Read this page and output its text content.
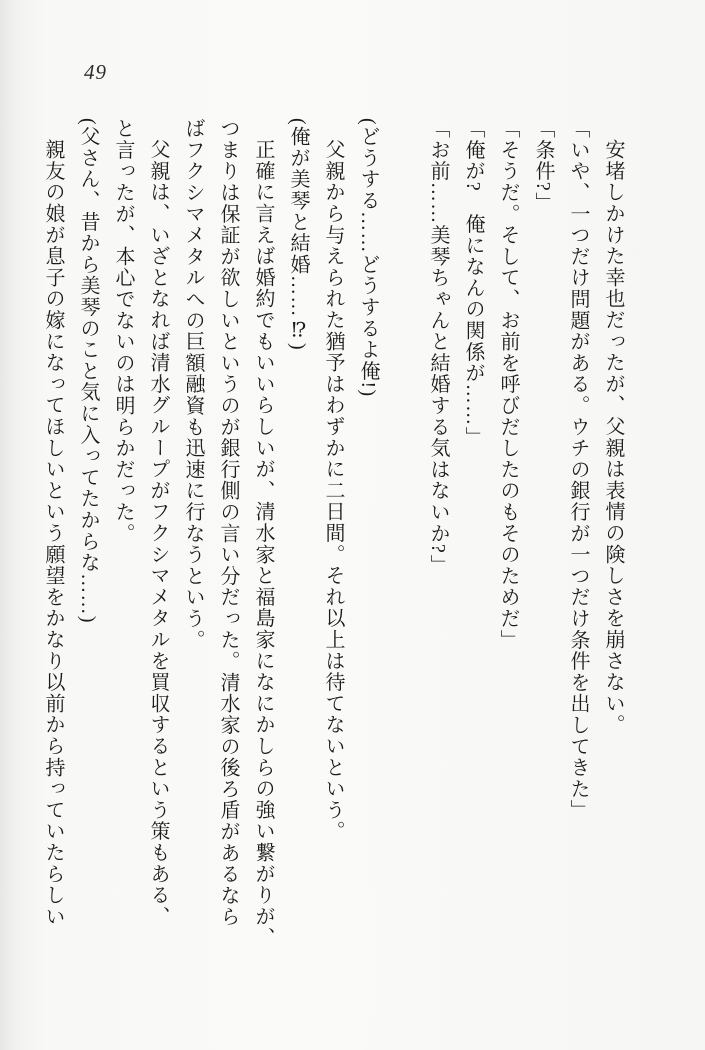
49
安堵しかけた幸也だったが、父親は表情の険しさを崩さない。
「いや、一つだけ問題がある。ウチの銀行が一つだけ条件を出してきた」
「条件?」
「そうだ。そして、お前を呼びだしたのもそのためだ」
「俺が?　俺になんの関係が……」
「お前……美琴ちゃんと結婚する気はないか?」
(どうする……どうするよ俺!)
父親から与えられた猶予はわずかに二日間。それ以上は待てないという。
(俺が美琴と結婚……⁉)
正確に言えば婚約でもいいらしいが、清水家と福島家になにかしらの強い繋がりが、
つまりは保証が欲しいというのが銀行側の言い分だった。清水家の後ろ盾があるなら
ばフクシマメタルへの巨額融資も迅速に行なうという。
父親は、いざとなれば清水グループがフクシマメタルを買収するという策もある、
と言ったが、本心でないのは明らかだった。
(父さん、昔から美琴のこと気に入ってたからな……)
親友の娘が息子の嫁になってほしいという願望をかなり以前から持っていたらしい
